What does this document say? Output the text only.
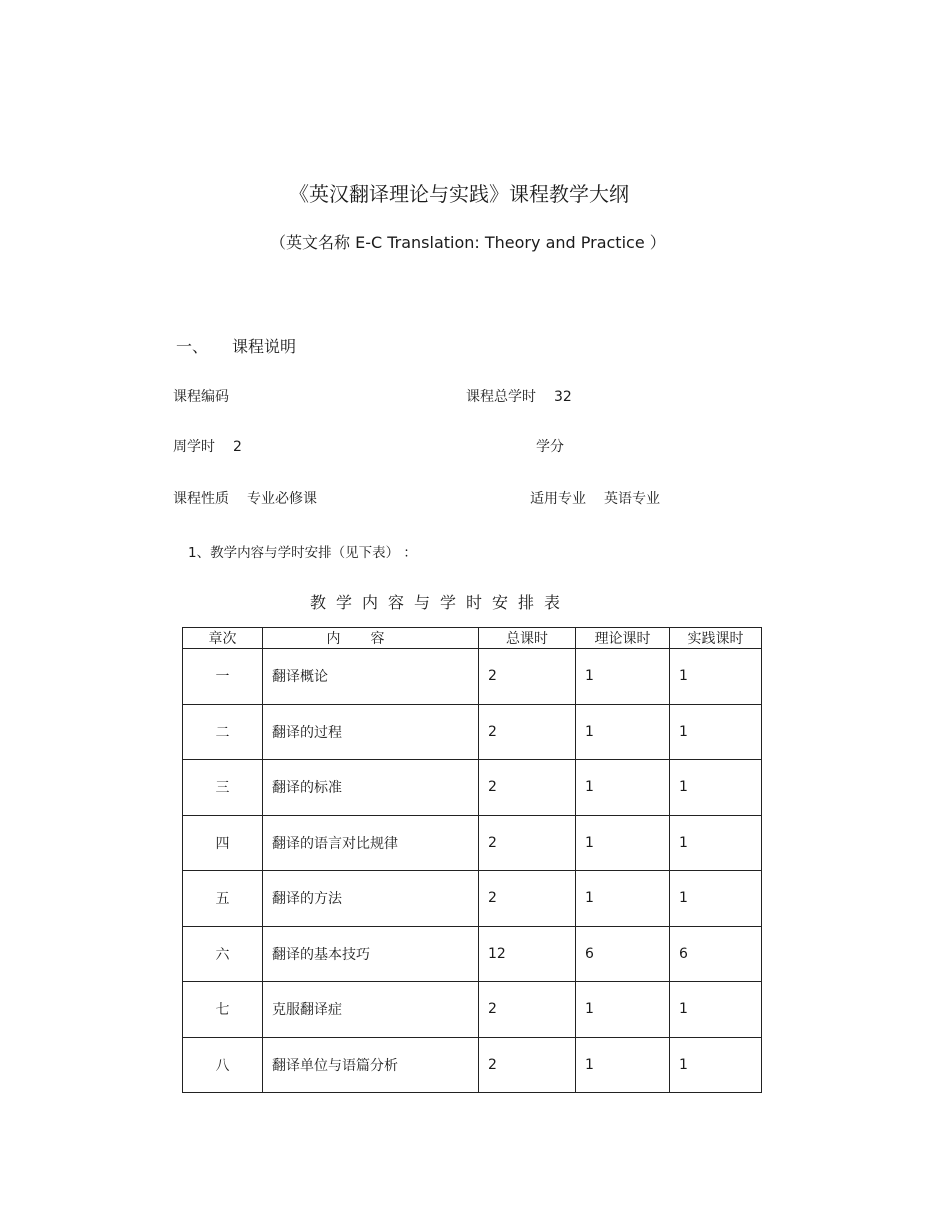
《英汉翻译理论与实践》课程教学大纲
（英文名称 E-C Translation: Theory and Practice ）
一、 课程说明
课程编码	课程总学时 32
周学时 2	学分
课程性质 专业必修课	适用专业 英语专业
1、教学内容与学时安排（见下表） ：
教学内容与学时安排表
章次	内容	总课时	理论课时	实践课时
一	翻译概论	2	1	1
二	翻译的过程	2	1	1
三	翻译的标准	2	1	1
四	翻译的语言对比规律	2	1	1
五	翻译的方法	2	1	1
六	翻译的基本技巧	12	6	6
七	克服翻译症	2	1	1
八	翻译单位与语篇分析	2	1	1
